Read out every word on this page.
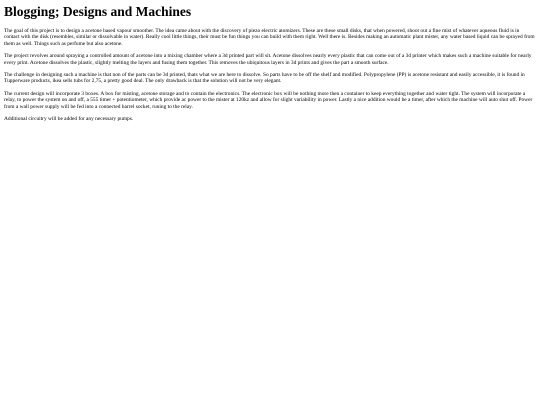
Blogging; Designs and Machines

The goal of this project is to design a acetone based vapour smoother. The idea came about with the discovery of piezo electric atomizers. These are these small disks, that when powered, shoot out a fine mist of whatever aqueous fluid is in contact with the disk (resembles, similar or dissolvable in water). Really cool little things, their must be fun things you can build with them right. Well there is. Besides making an automatic plant mister, any water based liquid can be sprayed from them as well. Things such as perfume but also acetone.

The project revolves around spraying a controlled amount of acetone into a mixing chamber where a 3d printed part will sit. Acetone dissolves nearly every plastic that can come out of a 3d printer which makes such a machine suitable for nearly every print. Acetone dissolves the plastic, slightly melting the layers and fusing them together. This removes the ubiquitous layers in 3d prints and gives the part a smooth surface.

The challenge in designing such a machine is that non of the parts can be 3d printed, thats what we are here to dissolve. So parts have to be off the shelf and modified. Polypropylene (PP) is acetone resistant and easily accessible, it is found in Tupperware products, ikea sells tubs for 2,75, a pretty good deal. The only drawback is that the solution will not be very elegant.

The current design will incorporate 3 boxes. A box for misting, acetone storage and to contain the electronics. The electronic box will be nothing more then a container to keep everything together and water tight. The system will incorporate a relay, to power the system on and off, a 555 timer + potentiometer, which provide ac power to the mister at 120kz and allow for slight variability in power. Lastly a nice addition would be a timer, after which the machine will auto shut off. Power from a wall power supply will be fed into a connected barrel socket, runing to the relay.

Additional circuitry will be added for any necessary pumps.
